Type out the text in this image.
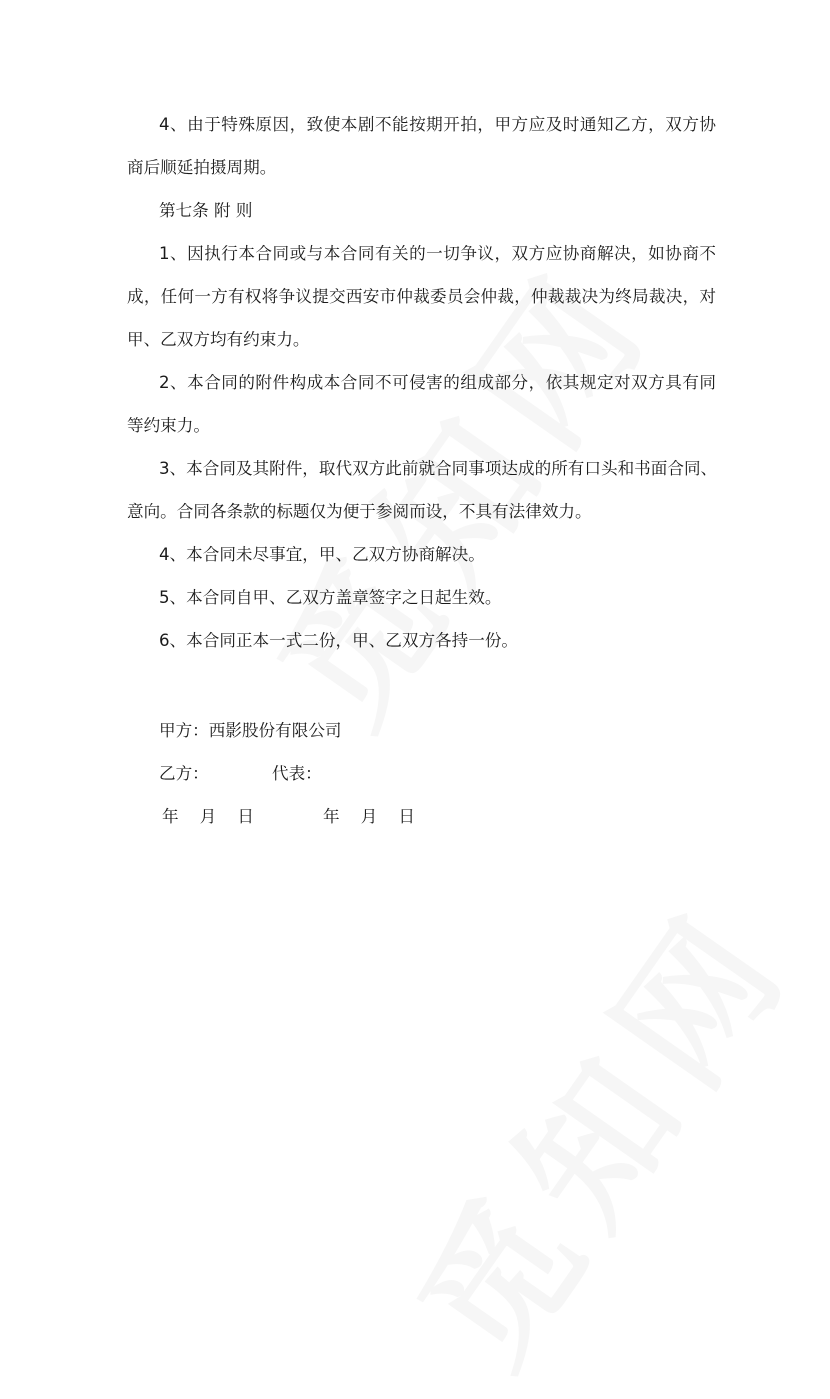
4、由于特殊原因，致使本剧不能按期开拍，甲方应及时通知乙方，双方协
商后顺延拍摄周期。
第七条 附 则
1、因执行本合同或与本合同有关的一切争议，双方应协商解决，如协商不
成，任何一方有权将争议提交西安市仲裁委员会仲裁，仲裁裁决为终局裁决，对
甲、乙双方均有约束力。
2、本合同的附件构成本合同不可侵害的组成部分，依其规定对双方具有同
等约束力。
3、本合同及其附件，取代双方此前就合同事项达成的所有口头和书面合同、
意向。合同各条款的标题仅为便于参阅而设，不具有法律效力。
4、本合同未尽事宜，甲、乙双方协商解决。
5、本合同自甲、乙双方盖章签字之日起生效。
6、本合同正本一式二份，甲、乙双方各持一份。
甲方：西影股份有限公司
乙方：	代表：
年    月    日	年    月    日
